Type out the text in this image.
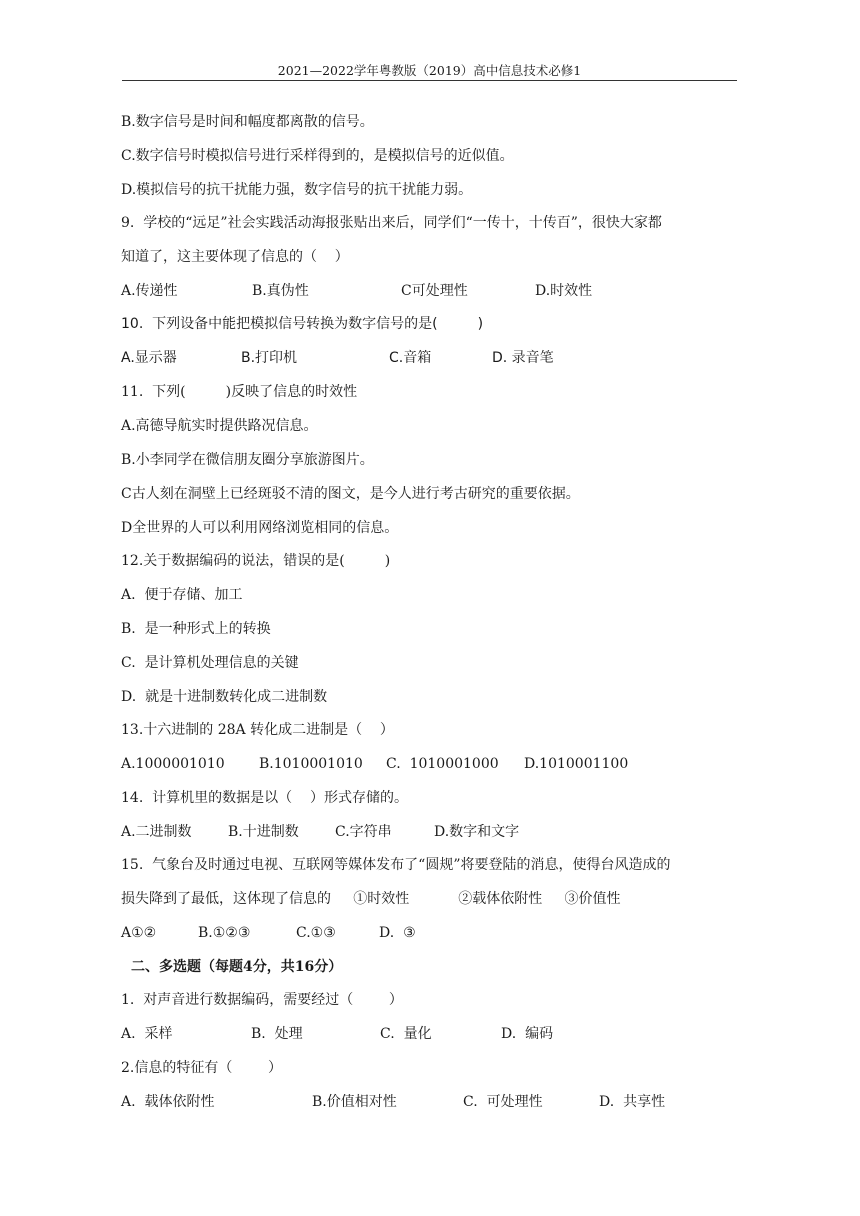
2021—2022学年粤教版（2019）高中信息技术必修1
B.数字信号是时间和幅度都离散的信号。
C.数字信号时模拟信号进行采样得到的，是模拟信号的近似值。
D.模拟信号的抗干扰能力强，数字信号的抗干扰能力弱。
9.  学校的“远足”社会实践活动海报张贴出来后，同学们“一传十，十传百”，很快大家都
知道了，这主要体现了信息的（    ）
A.传递性	B.真伪性	C可处理性	D.时效性
10.  下列设备中能把模拟信号转换为数字信号的是(         )
A.显示器	B.打印机	C.音箱	D. 录音笔
11.  下列(         )反映了信息的时效性
A.高德导航实时提供路况信息。
B.小李同学在微信朋友圈分享旅游图片。
C古人刻在洞壁上已经斑驳不清的图文，是今人进行考古研究的重要依据。
D全世界的人可以利用网络浏览相同的信息。
12.关于数据编码的说法，错误的是(         )
A.  便于存储、加工
B.  是一种形式上的转换
C.  是计算机处理信息的关键
D.  就是十进制数转化成二进制数
13.十六进制的 28A 转化成二进制是（    ）
A.1000001010 B.1010001010 C.  1010001000 D.1010001100
14.  计算机里的数据是以（    ）形式存储的。
A.二进制数	B.十进制数	C.字符串	D.数字和文字
15.  气象台及时通过电视、互联网等媒体发布了“圆规”将要登陆的消息，使得台风造成的
损失降到了最低，这体现了信息的     ①时效性           ②载体依附性     ③价值性
A①②	B.①②③	C.①③	D.  ③
二、多选题（每题4分，共16分）
1.  对声音进行数据编码，需要经过（        ）
A.  采样	B.  处理	C.  量化	D.  编码
2.信息的特征有（        ）
A.  载体依附性	B.价值相对性	C.  可处理性	D.  共享性
